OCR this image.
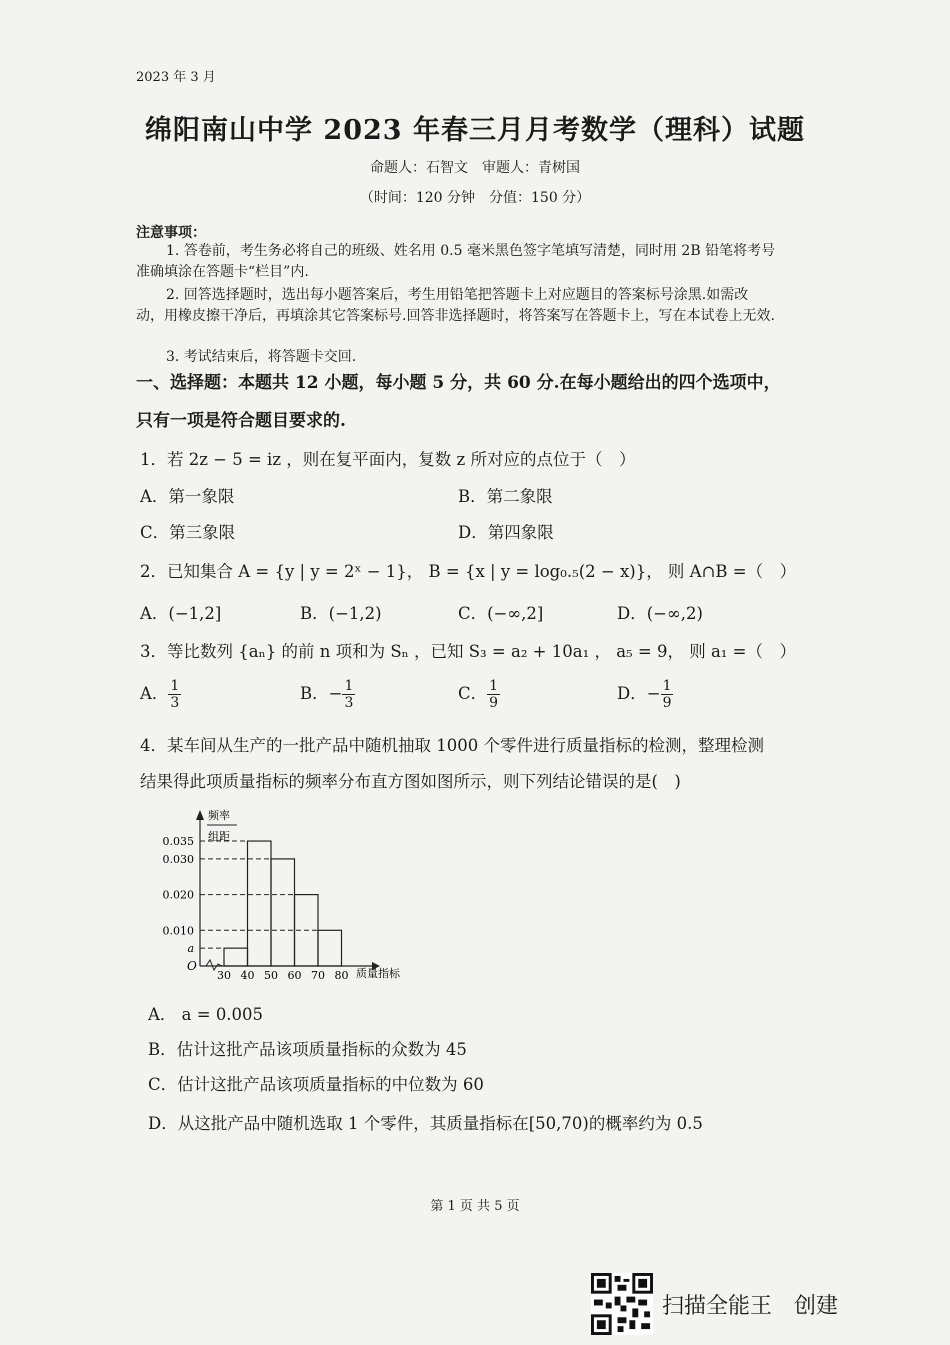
2023 年 3 月
绵阳南山中学 2023 年春三月月考数学（理科）试题
命题人：石智文　审题人：青树国
（时间：120 分钟　分值：150 分）
注意事项：
1. 答卷前，考生务必将自己的班级、姓名用 0.5 毫米黑色签字笔填写清楚，同时用 2B 铅笔将考号准确填涂在答题卡“栏目”内.
2. 回答选择题时，选出每小题答案后，考生用铅笔把答题卡上对应题目的答案标号涂黑.如需改动，用橡皮擦干净后，再填涂其它答案标号.回答非选择题时，将答案写在答题卡上，写在本试卷上无效.
3. 考试结束后，将答题卡交回.
一、选择题：本题共 12 小题，每小题 5 分，共 60 分.在每小题给出的四个选项中，只有一项是符合题目要求的.
1．若 2z − 5 = iz ，则在复平面内，复数 z 所对应的点位于（　）
A．第一象限	B．第二象限
C．第三象限	D．第四象限
2．已知集合 A = {y | y = 2ˣ − 1}， B = {x | y = log₀.₅(2 − x)}， 则 A∩B =（　）
A．(−1,2]	B．(−1,2)	C．(−∞,2]	D．(−∞,2)
3．等比数列 {aₙ} 的前 n 项和为 Sₙ ，已知 S₃ = a₂ + 10a₁ ， a₅ = 9， 则 a₁ =（　）
A． $\frac{1}{3}$	B．− $\frac{1}{3}$	C． $\frac{1}{9}$	D．− $\frac{1}{9}$
4．某车间从生产的一批产品中随机抽取 1000 个零件进行质量指标的检测，整理检测结果得此项质量指标的频率分布直方图如图所示，则下列结论错误的是(　)
频率
组距
质量指标
O
a
0.010
0.020
0.030
0.035
30 40 50 60 70 80
A． a = 0.005
B．估计这批产品该项质量指标的众数为 45
C．估计这批产品该项质量指标的中位数为 60
D．从这批产品中随机选取 1 个零件，其质量指标在[50,70)的概率约为 0.5
第 1 页 共 5 页
扫描全能王　创建
